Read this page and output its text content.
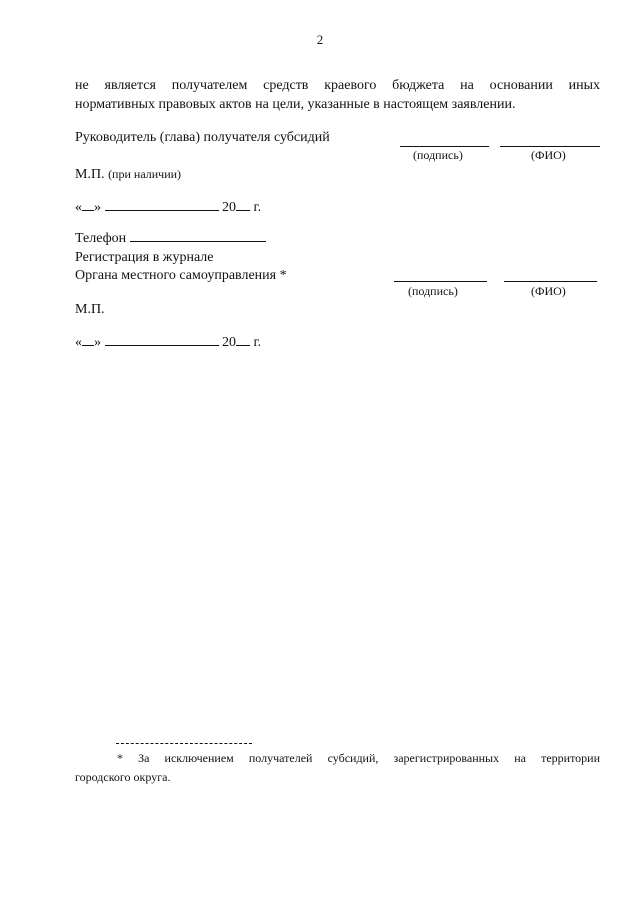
2
не является получателем средств краевого бюджета на основании иных
нормативных правовых актов на цели, указанные в настоящем заявлении.
Руководитель (глава) получателя субсидий
(подпись)	(ФИО)
М.П. (при наличии)
« »	20 г.
Телефон
Регистрация в журнале
Органа местного самоуправления *
(подпись)	(ФИО)
М.П.
« »	20 г.
* За исключением получателей субсидий, зарегистрированных на территории
городского округа.
